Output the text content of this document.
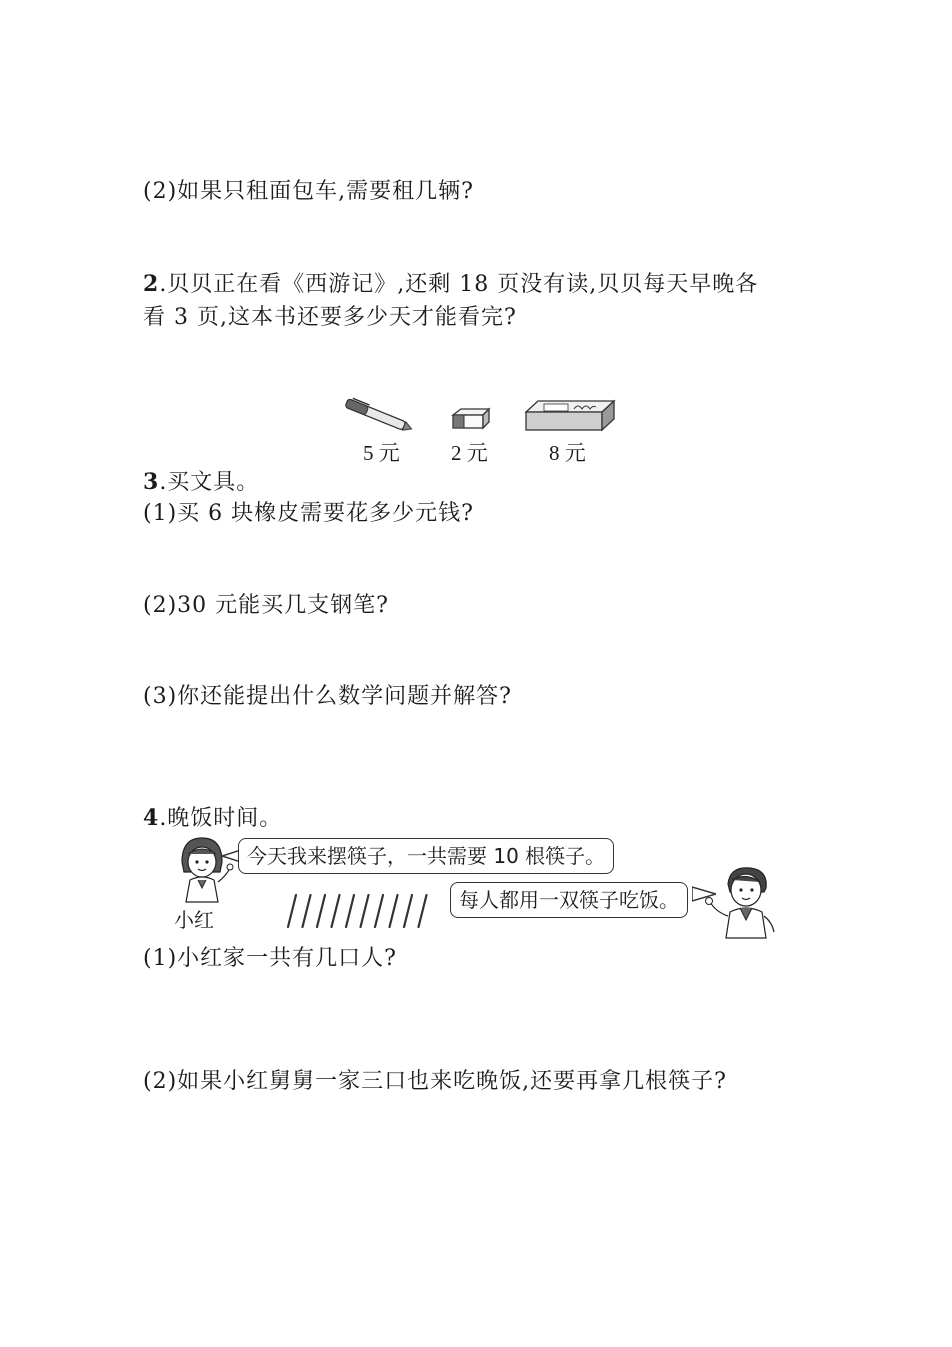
(2)如果只租面包车,需要租几辆?
2.贝贝正在看《西游记》,还剩 18 页没有读,贝贝每天早晚各
看 3 页,这本书还要多少天才能看完?
5 元 2 元	8 元
3.买文具。
(1)买 6 块橡皮需要花多少元钱?
(2)30 元能买几支钢笔?
(3)你还能提出什么数学问题并解答?
4.晚饭时间。
小红
今天我来摆筷子，一共需要 10 根筷子。
每人都用一双筷子吃饭。
(1)小红家一共有几口人?
(2)如果小红舅舅一家三口也来吃晚饭,还要再拿几根筷子?
